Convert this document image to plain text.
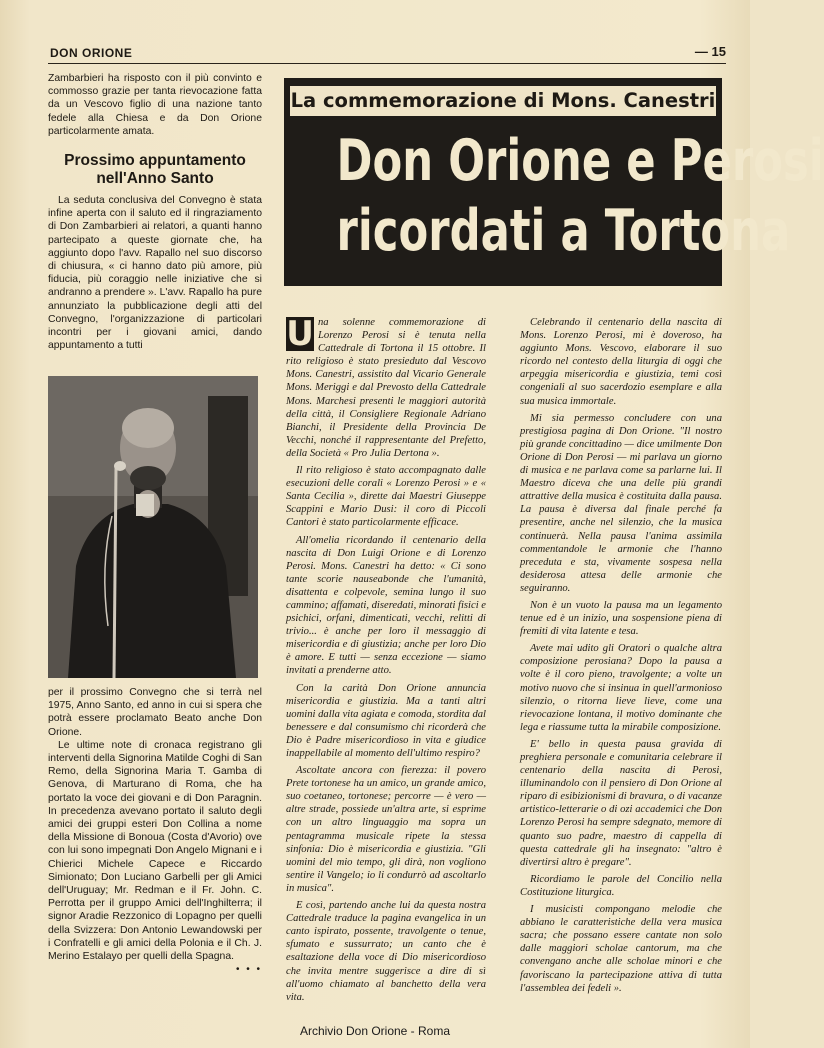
DON ORIONE	— 15

Zambarbieri ha risposto con il più convinto e commosso grazie per tanta rievocazione fatta da un Vescovo figlio di una nazione tanto fedele alla Chiesa e da Don Orione particolarmente amata.

Prossimo appuntamento nell'Anno Santo

La seduta conclusiva del Convegno è stata infine aperta con il saluto ed il ringraziamento di Don Zambarbieri ai relatori, a quanti hanno partecipato a queste giornate che, ha aggiunto dopo l'avv. Rapallo nel suo discorso di chiusura, « ci hanno dato più amore, più fiducia, più coraggio nelle iniziative che si andranno a prendere ». L'avv. Rapallo ha pure annunziato la pubblicazione degli atti del Convegno, l'organizzazione di particolari incontri per i giovani amici, dando appuntamento a tutti

per il prossimo Convegno che si terrà nel 1975, Anno Santo, ed anno in cui si spera che potrà essere proclamato Beato anche Don Orione.

Le ultime note di cronaca registrano gli interventi della Signorina Matilde Coghi di San Remo, della Signorina Maria T. Gamba di Genova, di Marturano di Roma, che ha portato la voce dei giovani e di Don Paragnin. In precedenza avevano portato il saluto degli amici dei gruppi esteri Don Collina a nome della Missione di Bonoua (Costa d'Avorio) ove con lui sono impegnati Don Angelo Mignani e i Chierici Michele Capece e Riccardo Simionato; Don Luciano Garbelli per gli Amici dell'Uruguay; Mr. Redman e il Fr. John. C. Perrotta per il gruppo Amici dell'Inghilterra; il signor Aradie Rezzonico di Lopagno per quelli della Svizzera: Don Antonio Lewandowski per i Confratelli e gli amici della Polonia e il Ch. J. Merino Estalayo per quelli della Spagna.

• • •
La commemorazione di Mons. Canestri
Don Orione e Perosi
ricordati a Tortona

U na solenne commemorazione di Lorenzo Perosi si è tenuta nella Cattedrale di Tortona il 15 ottobre. Il rito religioso è stato presieduto dal Vescovo Mons. Canestri, assistito dal Vicario Generale Mons. Meriggi e dal Prevosto della Cattedrale Mons. Marchesi presenti le maggiori autorità della città, il Consigliere Regionale Adriano Bianchi, il Presidente della Provincia De Vecchi, nonché il rappresentante del Prefetto, della Società « Pro Julia Dertona ».

Il rito religioso è stato accompagnato dalle esecuzioni delle corali « Lorenzo Perosi » e « Santa Cecilia », dirette dai Maestri Giuseppe Scappini e Mario Dusi: il coro di Piccoli Cantori è stato particolarmente efficace.

All'omelia ricordando il centenario della nascita di Don Luigi Orione e di Lorenzo Perosi. Mons. Canestri ha detto: « Ci sono tante scorie nauseabonde che l'umanità, disattenta e colpevole, semina lungo il suo cammino; affamati, diseredati, minorati fisici e psichici, orfani, dimenticati, vecchi, relitti di trivio... è anche per loro il messaggio di misericordia e di giustizia; anche per loro Dio è amore. E tutti — senza eccezione — siamo invitati a prenderne atto.

Con la carità Don Orione annuncia misericordia e giustizia. Ma a tanti altri uomini dalla vita agiata e comoda, stordita dal benessere e dal consumismo chi ricorderà che Dio è Padre misericordioso in vita e giudice inappellabile al momento dell'ultimo respiro?

Ascoltate ancora con fierezza: il povero Prete tortonese ha un amico, un grande amico, suo coetaneo, tortonese; percorre — è vero — altre strade, possiede un'altra arte, si esprime con un altro linguaggio ma sopra un pentagramma musicale ripete la stessa sinfonia: Dio è misericordia e giustizia. "Gli uomini del mio tempo, gli dirà, non vogliono sentire il Vangelo; io li condurrò ad ascoltarlo in musica".

E così, partendo anche lui da questa nostra Cattedrale traduce la pagina evangelica in un canto ispirato, possente, travolgente o tenue, sfumato e sussurrato; un canto che è esaltazione della voce di Dio misericordioso che invita mentre suggerisce a dire di sì all'uomo chiamato al banchetto della vera vita.

Celebrando il centenario della nascita di Mons. Lorenzo Perosi, mi è doveroso, ha aggiunto Mons. Vescovo, elaborare il suo ricordo nel contesto della liturgia di oggi che arpeggia misericordia e giustizia, temi così congeniali al suo sacerdozio esemplare e alla sua musica immortale.

Mi sia permesso concludere con una prestigiosa pagina di Don Orione. "Il nostro più grande concittadino — dice umilmente Don Orione di Don Perosi — mi parlava un giorno di musica e ne parlava come sa parlarne lui. Il Maestro diceva che una delle più grandi attrattive della musica è costituita dalla pausa. La pausa è diversa dal finale perché fa presentire, anche nel silenzio, che la musica continuerà. Nella pausa l'anima assimila commentandole le armonie che l'hanno preceduta e sta, vivamente sospesa nella desiderosa attesa delle armonie che seguiranno.

Non è un vuoto la pausa ma un legamento tenue ed è un inizio, una sospensione piena di fremiti di vita latente e tesa.

Avete mai udito gli Oratori o qualche altra composizione perosiana? Dopo la pausa a volte è il coro pieno, travolgente; a volte un motivo nuovo che si insinua in quell'armonioso silenzio, o ritorna lieve lieve, come una rievocazione lontana, il motivo dominante che lega e riassume tutta la mirabile composizione.

E' bello in questa pausa gravida di preghiera personale e comunitaria celebrare il centenario della nascita di Perosi, illuminandolo con il pensiero di Don Orione al riparo di esibizionismi di bravura, o di vacanze artistico-letterarie o di ozi accademici che Don Lorenzo Perosi ha sempre sdegnato, memore di quanto suo padre, maestro di cappella di questa cattedrale gli ha insegnato: "altro è divertirsi altro è pregare".

Ricordiamo le parole del Concilio nella Costituzione liturgica.

I musicisti compongano melodie che abbiano le caratteristiche della vera musica sacra; che possano essere cantate non solo dalle maggiori scholae cantorum, ma che convengano anche alle scholae minori e che favoriscano la partecipazione attiva di tutta l'assemblea dei fedeli ».

Archivio Don Orione - Roma
